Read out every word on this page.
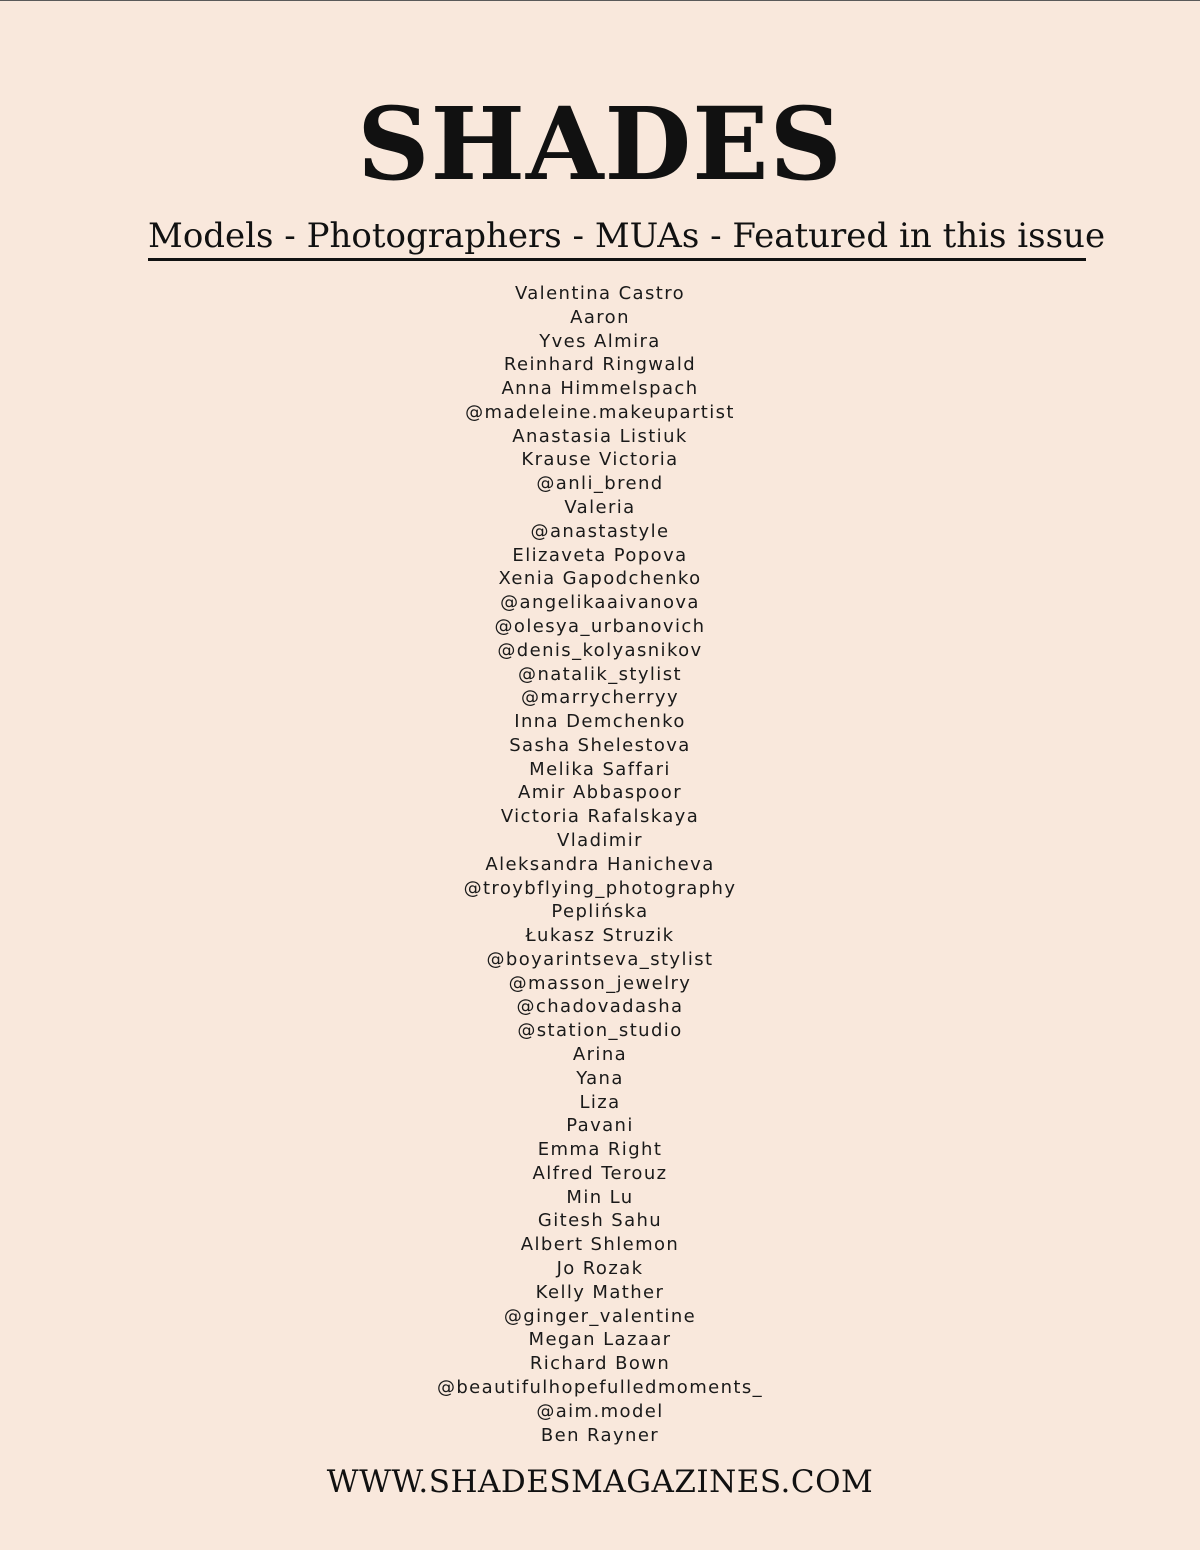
SHADES
Models - Photographers - MUAs - Featured in this issue
Valentina Castro
Aaron
Yves Almira
Reinhard Ringwald
Anna Himmelspach
@madeleine.makeupartist
Anastasia Listiuk
Krause Victoria
@anli_brend
Valeria
@anastastyle
Elizaveta Popova
Xenia Gapodchenko
@angelikaaivanova
@olesya_urbanovich
@denis_kolyasnikov
@natalik_stylist
@marrycherryy
Inna Demchenko
Sasha Shelestova
Melika Saffari
Amir Abbaspoor
Victoria Rafalskaya
Vladimir
Aleksandra Hanicheva
@troybflying_photography
Peplińska
Łukasz Struzik
@boyarintseva_stylist
@masson_jewelry
@chadovadasha
@station_studio
Arina
Yana
Liza
Pavani
Emma Right
Alfred Terouz
Min Lu
Gitesh Sahu
Albert Shlemon
Jo Rozak
Kelly Mather
@ginger_valentine
Megan Lazaar
Richard Bown
@beautifulhopefulledmoments_
@aim.model
Ben Rayner
WWW.SHADESMAGAZINES.COM
